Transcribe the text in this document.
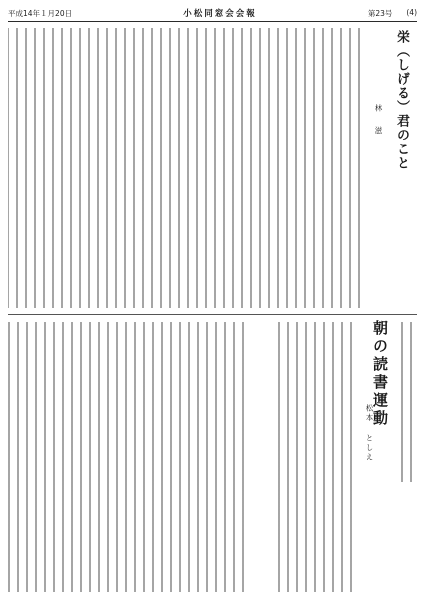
平成14年１月20日	小松同窓会会報	第23号 (4)
栄（しげる）君のこと
林 滋
朝の読書運動
松本 としえ
